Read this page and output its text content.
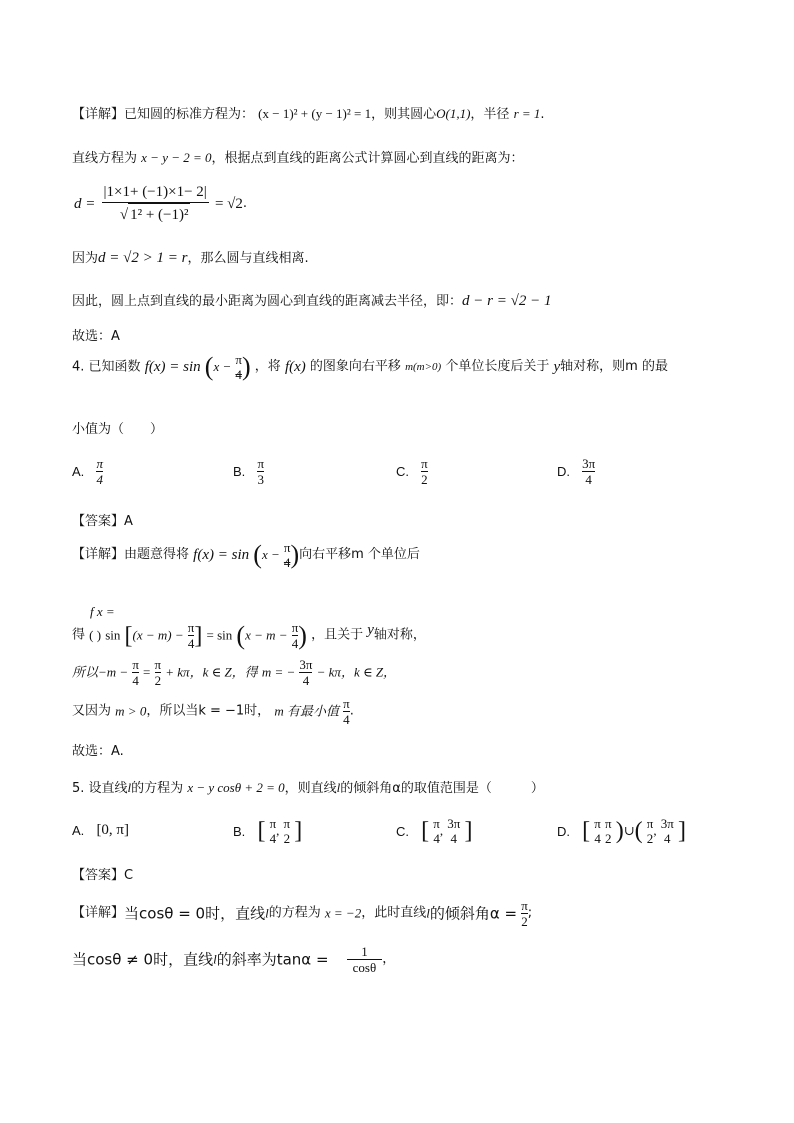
【详解】已知圆的标准方程为： (x − 1)² + (y − 1)² = 1，则其圆心O(1,1)，半径 r = 1.
直线方程为 x − y − 2 = 0，根据点到直线的距离公式计算圆心到直线的距离为：
$d = \frac{|1\times 1+ (-1)\times 1- 2|}{\text{√ 1² + (−1)²}} = √2$.
因为d = √2 > 1 = r，那么圆与直线相离.
因此，圆上点到直线的最小距离为圆心到直线的距离减去半径，即：d − r = √2 − 1
故选：A
4. 已知函数 f(x) = sin (x − π
4 ) ，将 f(x) 的图象向右平移 m(m>0) 个单位长度后关于 y轴对称，则m 的最
小值为（　　）
A. $\frac{\pi}{4}$	B. $\frac{\pi}{3}$	C. $\frac{\pi}{2}$	D. $\frac{3\pi}{4}$
【答案】A
【详解】由题意得将 f(x) = sin (x − π
4 )向右平移m 个单位后
f x =
得 ( ) $\sin [(x - m) - \frac{\pi}{4}$ ] = $\sin (x - m - \frac{\pi}{4}$ ) ，且关于 y轴对称，
所以$-m - \frac{\pi}{4} = \frac{\pi}{2} + k\pi$，k ∈ Z，得 m = − $\frac{3\pi}{4} - k\pi$，k ∈ Z，
又因为 m > 0，所以当k = −1时， m 有最小值 $\frac{\pi}{4}$ .
故选：A.
5. 设直线l的方程为 x − y cosθ + 2 = 0，则直线l的倾斜角α的取值范围是（　　　）
A. [0, π]	B. [ π
4
, π
2 ]	C. [ π
4
, 3π
4 ]	D. [ π
4

π
2 )∪( π
2
, 3π
4 ]
【答案】C
【详解】当cosθ = 0时，直线l的方程为 x = −2，此时直线l的倾斜角$\alpha = \frac{\pi}{2}$ ;
当cosθ ≠ 0时，直线l的斜率为$\tan\alpha = \frac{1}{\cos\theta}$ ，
